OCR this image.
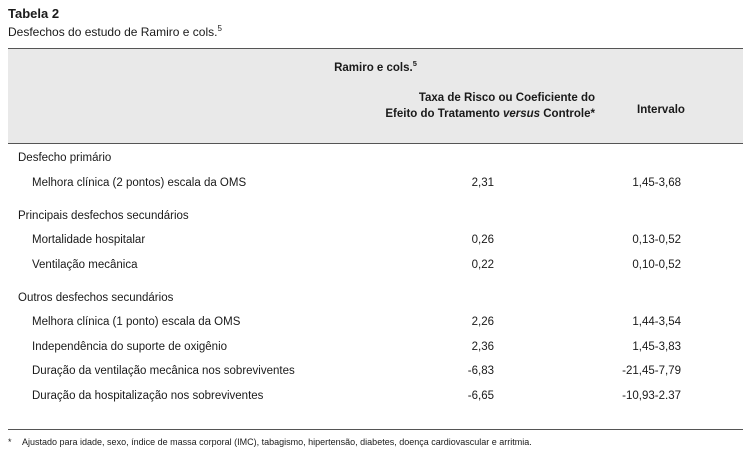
Tabela 2
Desfechos do estudo de Ramiro e cols.$^5$
Ramiro e cols.$^5$
Taxa de Risco ou Coeficiente do
Efeito do Tratamento versus Controle*	Intervalo
Desfecho primário
Melhora clínica (2 pontos) escala da OMS	2,31	1,45-3,68
Principais desfechos secundários
Mortalidade hospitalar	0,26	0,13-0,52
Ventilação mecânica	0,22	0,10-0,52
Outros desfechos secundários
Melhora clínica (1 ponto) escala da OMS	2,26	1,44-3,54
Independência do suporte de oxigênio	2,36	1,45-3,83
Duração da ventilação mecânica nos sobreviventes	-6,83	-21,45-7,79
Duração da hospitalização nos sobreviventes	-6,65	-10,93-2.37
* Ajustado para idade, sexo, índice de massa corporal (IMC), tabagismo, hipertensão, diabetes, doença cardiovascular e arritmia.
